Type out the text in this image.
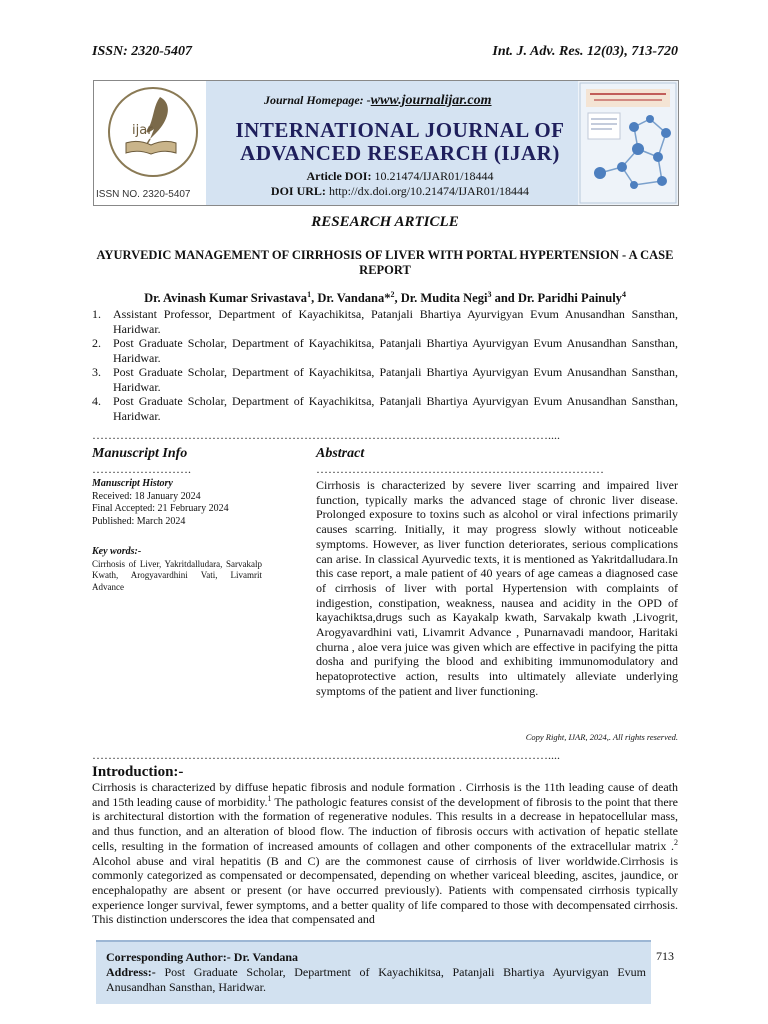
ISSN: 2320-5407	Int. J. Adv. Res. 12(03), 713-720
ijar
ISSN NO. 2320-5407
Journal Homepage: -www.journalijar.com
INTERNATIONAL JOURNAL OF
ADVANCED RESEARCH (IJAR)
Article DOI: 10.21474/IJAR01/18444
DOI URL: http://dx.doi.org/10.21474/IJAR01/18444
RESEARCH ARTICLE
AYURVEDIC MANAGEMENT OF CIRRHOSIS OF LIVER WITH PORTAL HYPERTENSION - A CASE REPORT
Dr. Avinash Kumar Srivastava$^1$, Dr. Vandana*$^2$, Dr. Mudita Negi$^3$ and Dr. Paridhi Painuly$^4$
1.	Assistant Professor, Department of Kayachikitsa, Patanjali Bhartiya Ayurvigyan Evum Anusandhan Sansthan, Haridwar.
2.	Post Graduate Scholar, Department of Kayachikitsa, Patanjali Bhartiya Ayurvigyan Evum Anusandhan Sansthan, Haridwar.
3.	Post Graduate Scholar, Department of Kayachikitsa, Patanjali Bhartiya Ayurvigyan Evum Anusandhan Sansthan, Haridwar.
4.	Post Graduate Scholar, Department of Kayachikitsa, Patanjali Bhartiya Ayurvigyan Evum Anusandhan Sansthan, Haridwar.
……………………………………………………………………………………………………....
Manuscript Info
…………………….
Manuscript History
Received: 18 January 2024
Final Accepted: 21 February 2024
Published: March 2024
Key words:-
Cirrhosis of Liver, Yakritdalludara, Sarvakalp Kwath, Arogyavardhini Vati, Livamrit Advance
Abstract
………………………………………………………………
Cirrhosis is characterized by severe liver scarring and impaired liver function, typically marks the advanced stage of chronic liver disease. Prolonged exposure to toxins such as alcohol or viral infections primarily causes scarring. Initially, it may progress slowly without noticeable symptoms. However, as liver function deteriorates, serious complications can arise. In classical Ayurvedic texts, it is mentioned as Yakritdalludara.In this case report, a male patient of 40 years of age cameas a diagnosed case of cirrhosis of liver with portal Hypertension with complaints of indigestion, constipation, weakness, nausea and acidity in the OPD of kayachiktsa,drugs such as Kayakalp kwath, Sarvakalp kwath ,Livogrit, Arogyavardhini vati, Livamrit Advance , Punarnavadi mandoor, Haritaki churna , aloe vera juice was given which are effective in pacifying the pitta dosha and purifying the blood and exhibiting immunomodulatory and hepatoprotective action, results into ultimately alleviate underlying symptoms of the patient and liver functioning.
Copy Right, IJAR, 2024,. All rights reserved.
……………………………………………………………………………………………………....
Introduction:-
Cirrhosis is characterized by diffuse hepatic fibrosis and nodule formation . Cirrhosis is the 11th leading cause of death and 15th leading cause of morbidity.$^1$ The pathologic features consist of the development of fibrosis to the point that there is architectural distortion with the formation of regenerative nodules. This results in a decrease in hepatocellular mass, and thus function, and an alteration of blood flow. The induction of fibrosis occurs with activation of hepatic stellate cells, resulting in the formation of increased amounts of collagen and other components of the extracellular matrix .$^2$ Alcohol abuse and viral hepatitis (B and C) are the commonest cause of cirrhosis of liver worldwide.Cirrhosis is commonly categorized as compensated or decompensated, depending on whether variceal bleeding, ascites, jaundice, or encephalopathy are absent or present (or have occurred previously). Patients with compensated cirrhosis typically experience longer survival, fewer symptoms, and a better quality of life compared to those with decompensated cirrhosis. This distinction underscores the idea that compensated and
Corresponding Author:- Dr. Vandana
Address:- Post Graduate Scholar, Department of Kayachikitsa, Patanjali Bhartiya Ayurvigyan Evum Anusandhan Sansthan, Haridwar.
713
